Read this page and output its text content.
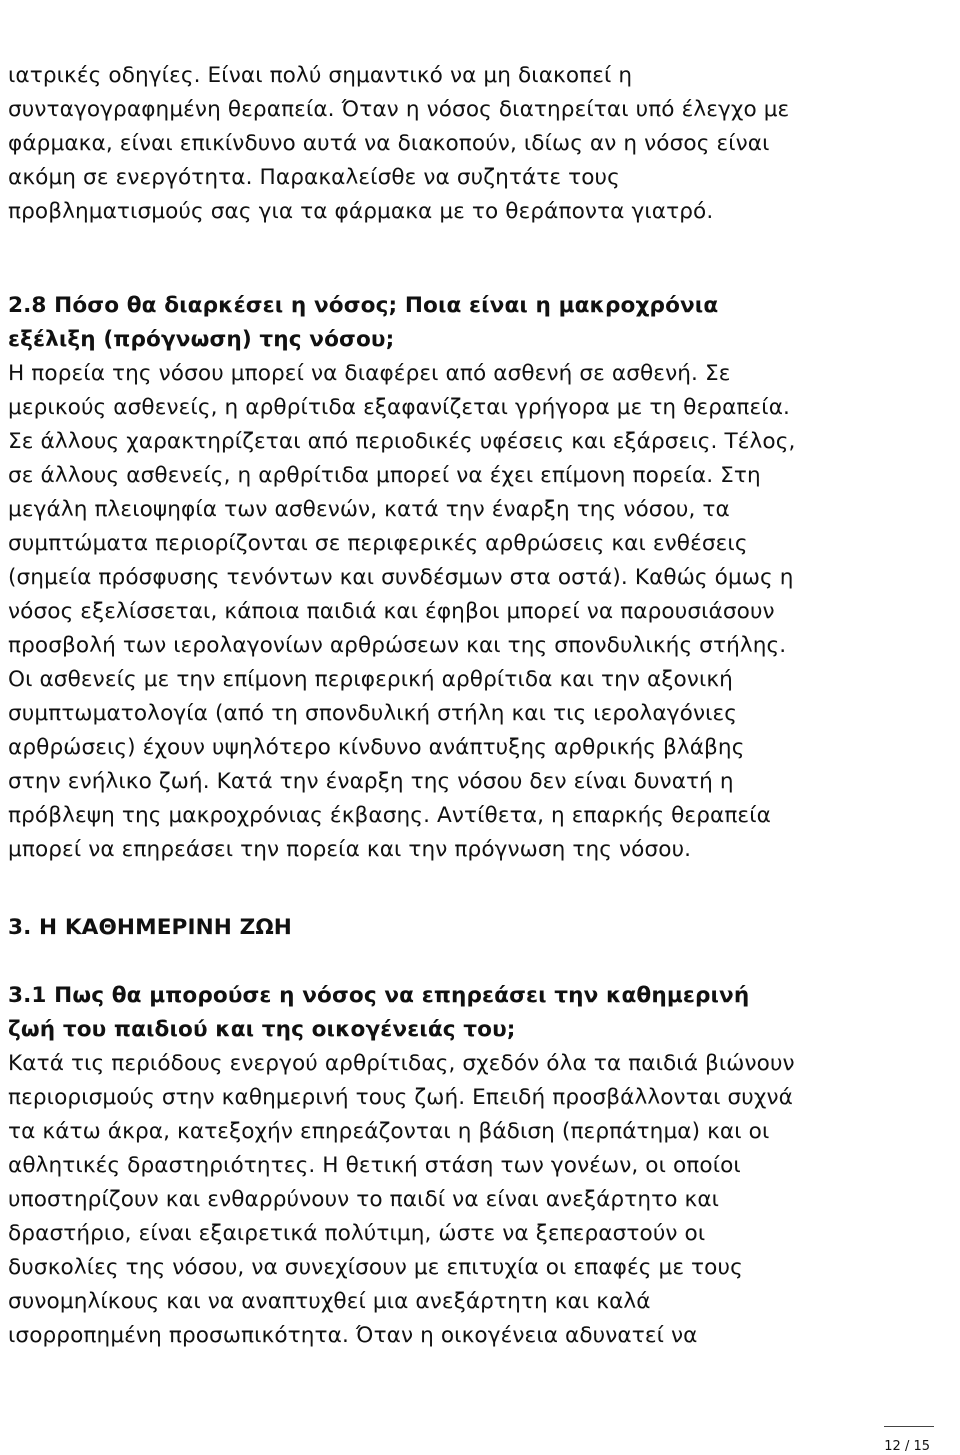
ιατρικές οδηγίες. Είναι πολύ σημαντικό να μη διακοπεί η
συνταγογραφημένη θεραπεία. Όταν η νόσος διατηρείται υπό έλεγχο με
φάρμακα, είναι επικίνδυνο αυτά να διακοπούν, ιδίως αν η νόσος είναι
ακόμη σε ενεργότητα. Παρακαλείσθε να συζητάτε τους
προβληματισμούς σας για τα φάρμακα με το θεράποντα γιατρό.
2.8 Πόσο θα διαρκέσει η νόσος; Ποια είναι η μακροχρόνια
εξέλιξη (πρόγνωση) της νόσου;
Η πορεία της νόσου μπορεί να διαφέρει από ασθενή σε ασθενή. Σε
μερικούς ασθενείς, η αρθρίτιδα εξαφανίζεται γρήγορα με τη θεραπεία.
Σε άλλους χαρακτηρίζεται από περιοδικές υφέσεις και εξάρσεις. Τέλος,
σε άλλους ασθενείς, η αρθρίτιδα μπορεί να έχει επίμονη πορεία. Στη
μεγάλη πλειοψηφία των ασθενών, κατά την έναρξη της νόσου, τα
συμπτώματα περιορίζονται σε περιφερικές αρθρώσεις και ενθέσεις
(σημεία πρόσφυσης τενόντων και συνδέσμων στα οστά). Καθώς όμως η
νόσος εξελίσσεται, κάποια παιδιά και έφηβοι μπορεί να παρουσιάσουν
προσβολή των ιερολαγονίων αρθρώσεων και της σπονδυλικής στήλης.
Οι ασθενείς με την επίμονη περιφερική αρθρίτιδα και την αξονική
συμπτωματολογία (από τη σπονδυλική στήλη και τις ιερολαγόνιες
αρθρώσεις) έχουν υψηλότερο κίνδυνο ανάπτυξης αρθρικής βλάβης
στην ενήλικο ζωή. Κατά την έναρξη της νόσου δεν είναι δυνατή η
πρόβλεψη της μακροχρόνιας έκβασης. Αντίθετα, η επαρκής θεραπεία
μπορεί να επηρεάσει την πορεία και την πρόγνωση της νόσου.
3. Η ΚΑΘΗΜΕΡΙΝΗ ΖΩΗ
3.1 Πως θα μπορούσε η νόσος να επηρεάσει την καθημερινή
ζωή του παιδιού και της οικογένειάς του;
Κατά τις περιόδους ενεργού αρθρίτιδας, σχεδόν όλα τα παιδιά βιώνουν
περιορισμούς στην καθημερινή τους ζωή. Επειδή προσβάλλονται συχνά
τα κάτω άκρα, κατεξοχήν επηρεάζονται η βάδιση (περπάτημα) και οι
αθλητικές δραστηριότητες. Η θετική στάση των γονέων, οι οποίοι
υποστηρίζουν και ενθαρρύνουν το παιδί να είναι ανεξάρτητο και
δραστήριο, είναι εξαιρετικά πολύτιμη, ώστε να ξεπεραστούν οι
δυσκολίες της νόσου, να συνεχίσουν με επιτυχία οι επαφές με τους
συνομηλίκους και να αναπτυχθεί μια ανεξάρτητη και καλά
ισορροπημένη προσωπικότητα. Όταν η οικογένεια αδυνατεί να
12 / 15
